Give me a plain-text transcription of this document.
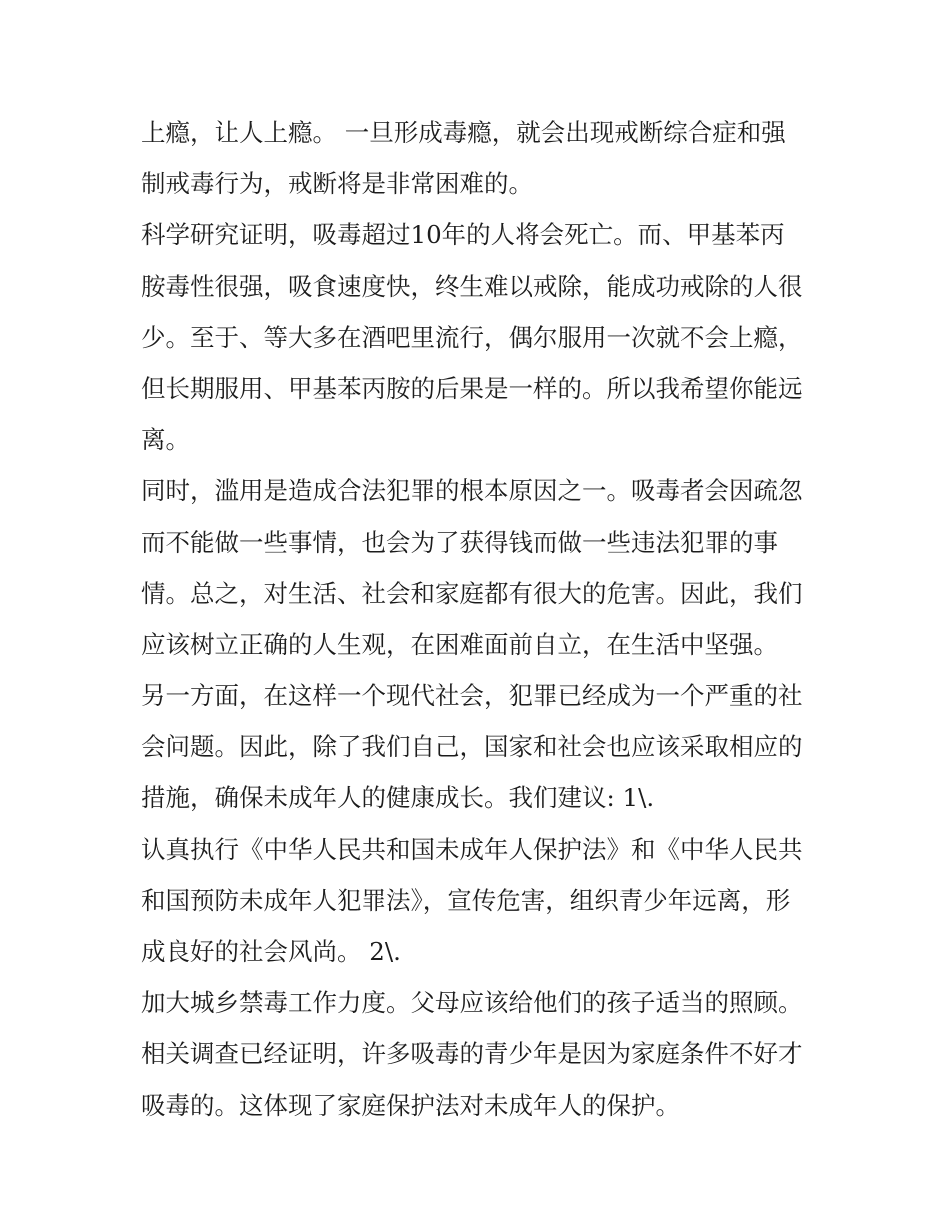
上瘾，让人上瘾。 一旦形成毒瘾，就会出现戒断综合症和强
制戒毒行为，戒断将是非常困难的。
科学研究证明，吸毒超过10年的人将会死亡。而、甲基苯丙
胺毒性很强，吸食速度快，终生难以戒除，能成功戒除的人很
少。至于、等大多在酒吧里流行，偶尔服用一次就不会上瘾，
但长期服用、甲基苯丙胺的后果是一样的。所以我希望你能远
离。
同时，滥用是造成合法犯罪的根本原因之一。吸毒者会因疏忽
而不能做一些事情，也会为了获得钱而做一些违法犯罪的事
情。总之，对生活、社会和家庭都有很大的危害。因此，我们
应该树立正确的人生观，在困难面前自立，在生活中坚强。
另一方面，在这样一个现代社会，犯罪已经成为一个严重的社
会问题。因此，除了我们自己，国家和社会也应该采取相应的
措施，确保未成年人的健康成长。我们建议: 1\.
认真执行《中华人民共和国未成年人保护法》和《中华人民共
和国预防未成年人犯罪法》，宣传危害，组织青少年远离，形
成良好的社会风尚。 2\.
加大城乡禁毒工作力度。父母应该给他们的孩子适当的照顾。
相关调查已经证明，许多吸毒的青少年是因为家庭条件不好才
吸毒的。这体现了家庭保护法对未成年人的保护。
